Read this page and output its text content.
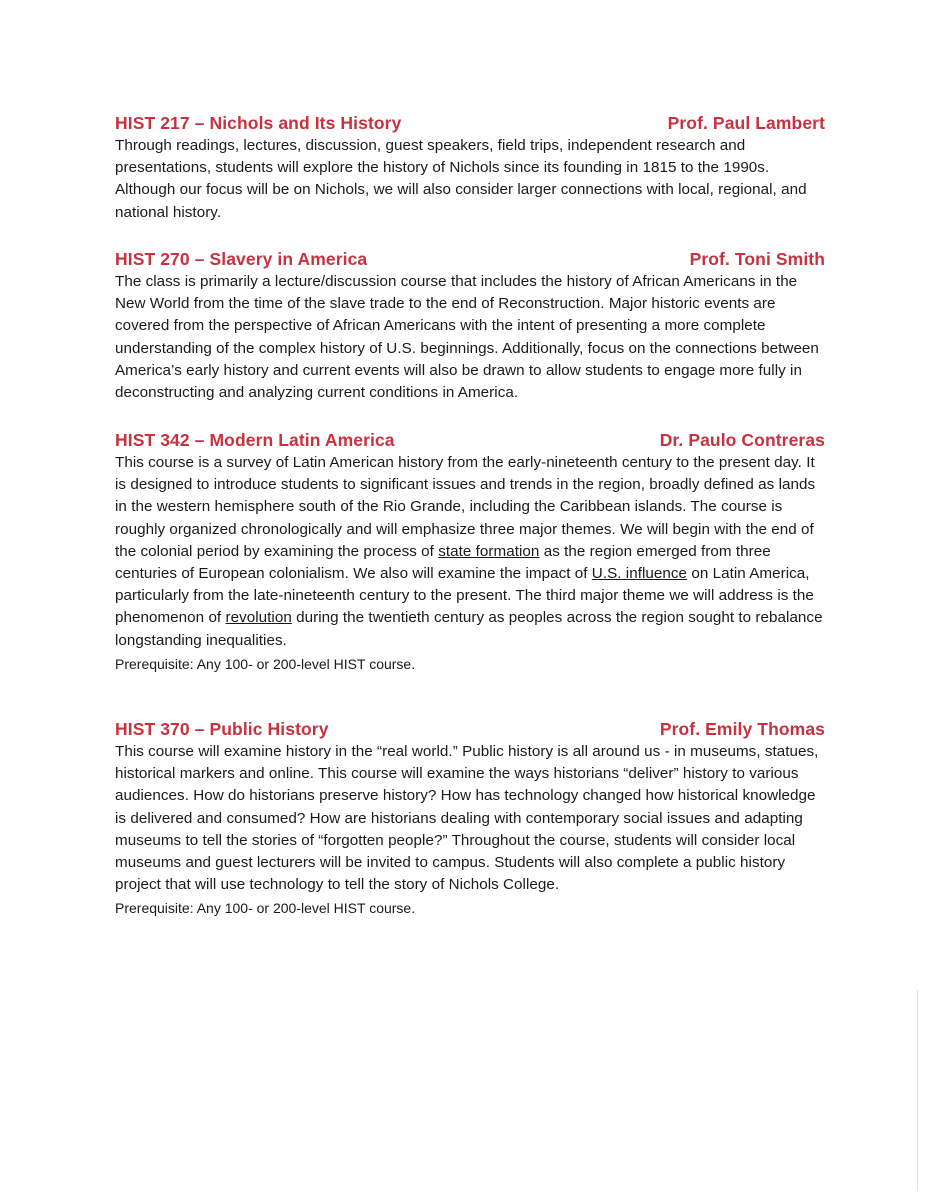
HIST 217 – Nichols and Its History	Prof. Paul Lambert

Through readings, lectures, discussion, guest speakers, field trips, independent research and presentations, students will explore the history of Nichols since its founding in 1815 to the 1990s. Although our focus will be on Nichols, we will also consider larger connections with local, regional, and national history.

HIST 270 – Slavery in America	Prof. Toni Smith

The class is primarily a lecture/discussion course that includes the history of African Americans in the New World from the time of the slave trade to the end of Reconstruction. Major historic events are covered from the perspective of African Americans with the intent of presenting a more complete understanding of the complex history of U.S. beginnings. Additionally, focus on the connections between America’s early history and current events will also be drawn to allow students to engage more fully in deconstructing and analyzing current conditions in America.

HIST 342 – Modern Latin America	Dr. Paulo Contreras

This course is a survey of Latin American history from the early-nineteenth century to the present day. It is designed to introduce students to significant issues and trends in the region, broadly defined as lands in the western hemisphere south of the Rio Grande, including the Caribbean islands. The course is roughly organized chronologically and will emphasize three major themes. We will begin with the end of the colonial period by examining the process of state formation as the region emerged from three centuries of European colonialism. We also will examine the impact of U.S. influence on Latin America, particularly from the late-nineteenth century to the present. The third major theme we will address is the phenomenon of revolution during the twentieth century as peoples across the region sought to rebalance longstanding inequalities.

Prerequisite: Any 100- or 200-level HIST course.

HIST 370 – Public History	Prof. Emily Thomas

This course will examine history in the “real world.” Public history is all around us - in museums, statues, historical markers and online. This course will examine the ways historians “deliver” history to various audiences. How do historians preserve history? How has technology changed how historical knowledge is delivered and consumed? How are historians dealing with contemporary social issues and adapting museums to tell the stories of “forgotten people?” Throughout the course, students will consider local museums and guest lecturers will be invited to campus. Students will also complete a public history project that will use technology to tell the story of Nichols College.

Prerequisite: Any 100- or 200-level HIST course.
